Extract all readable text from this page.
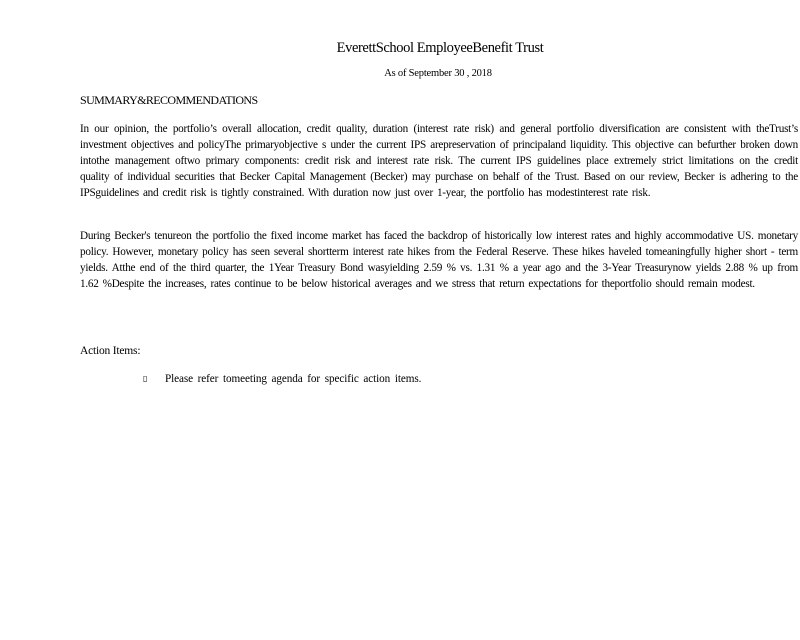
EverettSchool EmployeeBenefit Trust
As of September 30 , 2018
SUMMARY&RECOMMENDATIONS
In our opinion, the portfolio’s overall allocation, credit quality, duration (interest rate risk) and general portfolio diversification are consistent with theTrust’s investment objectives and policyThe primaryobjective s under the current IPS arepreservation of principaland liquidity. This objective can befurther broken down intothe management oftwo primary components: credit risk and interest rate risk. The current IPS guidelines place extremely strict limitations on the credit quality of individual securities that Becker Capital Management (Becker) may purchase on behalf of the Trust. Based on our review, Becker is adhering to the IPSguidelines and credit risk is tightly constrained. With duration now just over 1-year, the portfolio has modestinterest rate risk.
During Becker's tenureon the portfolio the fixed income market has faced the backdrop of historically low interest rates and highly accommodative US. monetary policy. However, monetary policy has seen several shortterm interest rate hikes from the Federal Reserve. These hikes haveled tomeaningfully higher short - term yields. Atthe end of the third quarter, the 1Year Treasury Bond wasyielding 2.59 % vs. 1.31 % a year ago and the 3-Year Treasurynow yields 2.88 % up from 1.62 %Despite the increases, rates continue to be below historical averages and we stress that return expectations for theportfolio should remain modest.
Action Items:
▯ Please refer tomeeting agenda for specific action items.
